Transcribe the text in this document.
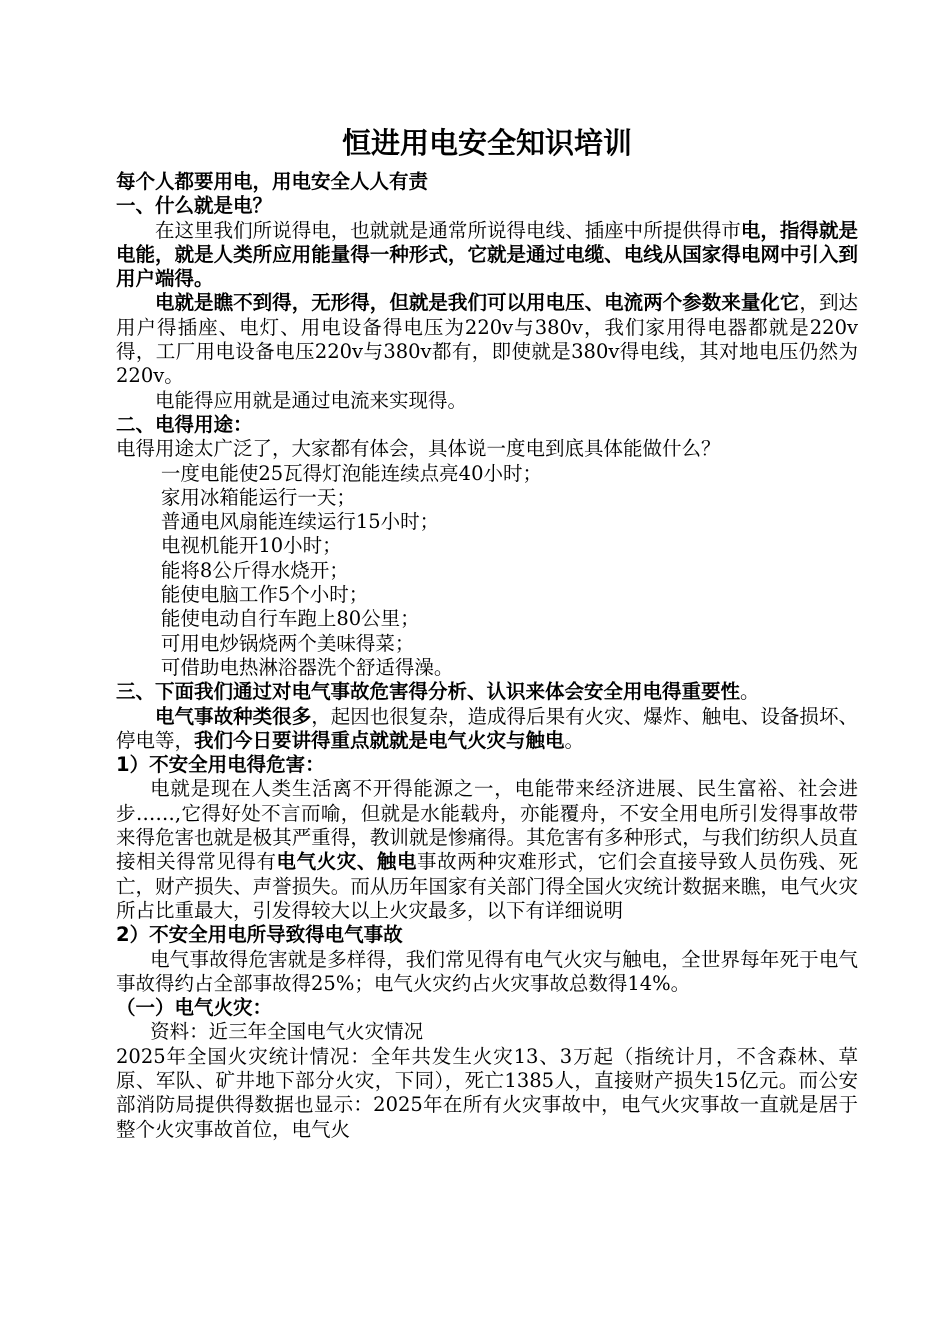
恒进用电安全知识培训

每个人都要用电，用电安全人人有责

一、什么就是电？

在这里我们所说得电，也就就是通常所说得电线、插座中所提供得市电，指得就是电能，就是人类所应用能量得一种形式，它就是通过电缆、电线从国家得电网中引入到用户端得。

电就是瞧不到得，无形得，但就是我们可以用电压、电流两个参数来量化它，到达用户得插座、电灯、用电设备得电压为220v与380v，我们家用得电器都就是220v得，工厂用电设备电压220v与380v都有，即使就是380v得电线，其对地电压仍然为220v。

电能得应用就是通过电流来实现得。

二、电得用途：

电得用途太广泛了，大家都有体会，具体说一度电到底具体能做什么？

一度电能使25瓦得灯泡能连续点亮40小时；

家用冰箱能运行一天；

普通电风扇能连续运行15小时；

电视机能开10小时；

能将8公斤得水烧开；

能使电脑工作5个小时；

能使电动自行车跑上80公里；

可用电炒锅烧两个美味得菜；

可借助电热淋浴器洗个舒适得澡。

三、下面我们通过对电气事故危害得分析、认识来体会安全用电得重要性。

电气事故种类很多，起因也很复杂，造成得后果有火灾、爆炸、触电、设备损坏、停电等，我们今日要讲得重点就就是电气火灾与触电。

1）不安全用电得危害：

电就是现在人类生活离不开得能源之一，电能带来经济进展、民生富裕、社会进步……,它得好处不言而喻，但就是水能载舟，亦能覆舟，不安全用电所引发得事故带来得危害也就是极其严重得，教训就是惨痛得。其危害有多种形式，与我们纺织人员直接相关得常见得有电气火灾、触电事故两种灾难形式，它们会直接导致人员伤残、死亡，财产损失、声誉损失。而从历年国家有关部门得全国火灾统计数据来瞧，电气火灾所占比重最大，引发得较大以上火灾最多，以下有详细说明

2）不安全用电所导致得电气事故

电气事故得危害就是多样得，我们常见得有电气火灾与触电，全世界每年死于电气事故得约占全部事故得25%；电气火灾约占火灾事故总数得14%。

（一）电气火灾：

资料：近三年全国电气火灾情况

2025年全国火灾统计情况：全年共发生火灾13、3万起（指统计月，不含森林、草原、军队、矿井地下部分火灾，下同），死亡1385人，直接财产损失15亿元。而公安部消防局提供得数据也显示：2025年在所有火灾事故中，电气火灾事故一直就是居于整个火灾事故首位，电气火
